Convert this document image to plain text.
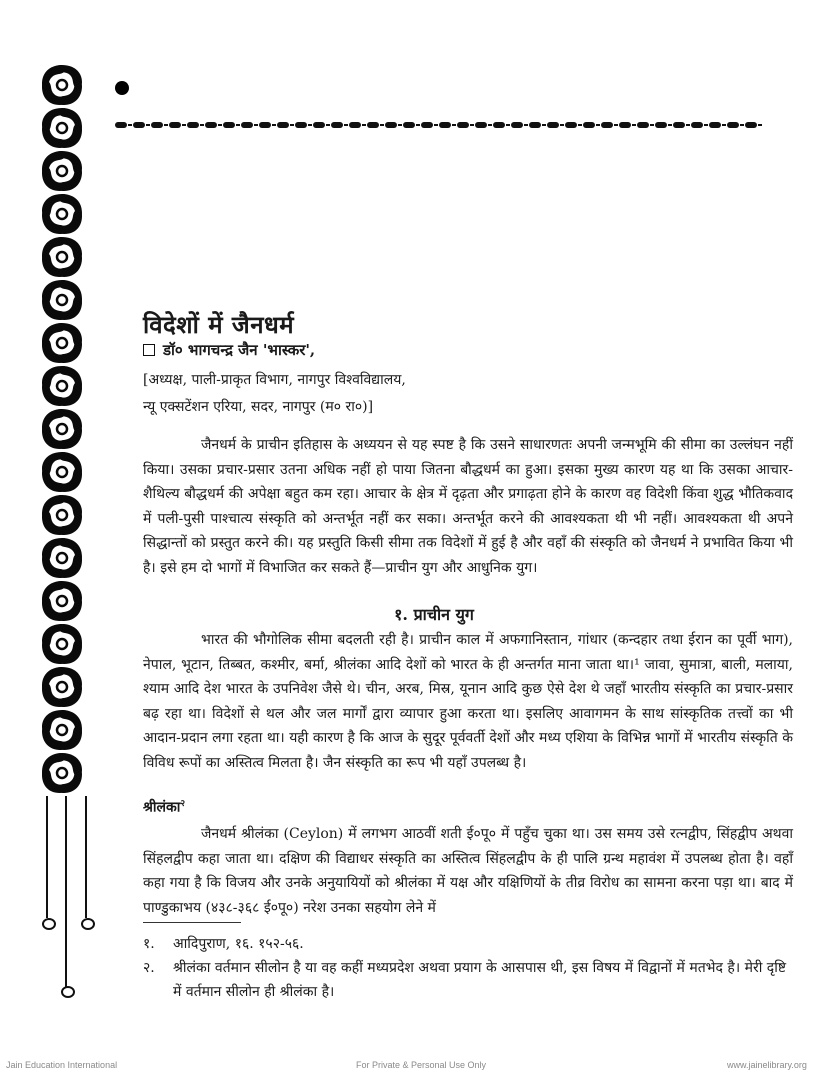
विदेशों में जैनधर्म
डॉ० भागचन्द्र जैन 'भास्कर',
[अध्यक्ष, पाली-प्राकृत विभाग, नागपुर विश्वविद्यालय,
न्यू एक्सटेंशन एरिया, सदर, नागपुर (म० रा०)]

जैनधर्म के प्राचीन इतिहास के अध्ययन से यह स्पष्ट है कि उसने साधारणतः अपनी जन्मभूमि की सीमा का उल्लंघन नहीं किया। उसका प्रचार-प्रसार उतना अधिक नहीं हो पाया जितना बौद्धधर्म का हुआ। इसका मुख्य कारण यह था कि उसका आचार-शैथिल्य बौद्धधर्म की अपेक्षा बहुत कम रहा। आचार के क्षेत्र में दृढ़ता और प्रगाढ़ता होने के कारण वह विदेशी किंवा शुद्ध भौतिकवाद में पली-पुसी पाश्चात्य संस्कृति को अन्तर्भूत नहीं कर सका। अन्तर्भूत करने की आवश्यकता थी भी नहीं। आवश्यकता थी अपने सिद्धान्तों को प्रस्तुत करने की। यह प्रस्तुति किसी सीमा तक विदेशों में हुई है और वहाँ की संस्कृति को जैनधर्म ने प्रभावित किया भी है। इसे हम दो भागों में विभाजित कर सकते हैं—प्राचीन युग और आधुनिक युग।

१. प्राचीन युग

भारत की भौगोलिक सीमा बदलती रही है। प्राचीन काल में अफगानिस्तान, गांधार (कन्दहार तथा ईरान का पूर्वी भाग), नेपाल, भूटान, तिब्बत, कश्मीर, बर्मा, श्रीलंका आदि देशों को भारत के ही अन्तर्गत माना जाता था।¹ जावा, सुमात्रा, बाली, मलाया, श्याम आदि देश भारत के उपनिवेश जैसे थे। चीन, अरब, मिस्र, यूनान आदि कुछ ऐसे देश थे जहाँ भारतीय संस्कृति का प्रचार-प्रसार बढ़ रहा था। विदेशों से थल और जल मार्गों द्वारा व्यापार हुआ करता था। इसलिए आवागमन के साथ सांस्कृतिक तत्त्वों का भी आदान-प्रदान लगा रहता था। यही कारण है कि आज के सुदूर पूर्ववर्ती देशों और मध्य एशिया के विभिन्न भागों में भारतीय संस्कृति के विविध रूपों का अस्तित्व मिलता है। जैन संस्कृति का रूप भी यहाँ उपलब्ध है।

श्रीलंका$^२$

जैनधर्म श्रीलंका (Ceylon) में लगभग आठवीं शती ई०पू० में पहुँच चुका था। उस समय उसे रत्नद्वीप, सिंहद्वीप अथवा सिंहलद्वीप कहा जाता था। दक्षिण की विद्याधर संस्कृति का अस्तित्व सिंहलद्वीप के ही पालि ग्रन्थ महावंश में उपलब्ध होता है। वहाँ कहा गया है कि विजय और उनके अनुयायियों को श्रीलंका में यक्ष और यक्षिणियों के तीव्र विरोध का सामना करना पड़ा था। बाद में पाण्डुकाभय (४३८-३६८ ई०पू०) नरेश उनका सहयोग लेने में

१.	आदिपुराण, १६. १५२-५६.
२.	श्रीलंका वर्तमान सीलोन है या वह कहीं मध्यप्रदेश अथवा प्रयाग के आसपास थी, इस विषय में विद्वानों में मतभेद है। मेरी दृष्टि में वर्तमान सीलोन ही श्रीलंका है।
Jain Education International	For Private & Personal Use Only	www.jainelibrary.org
